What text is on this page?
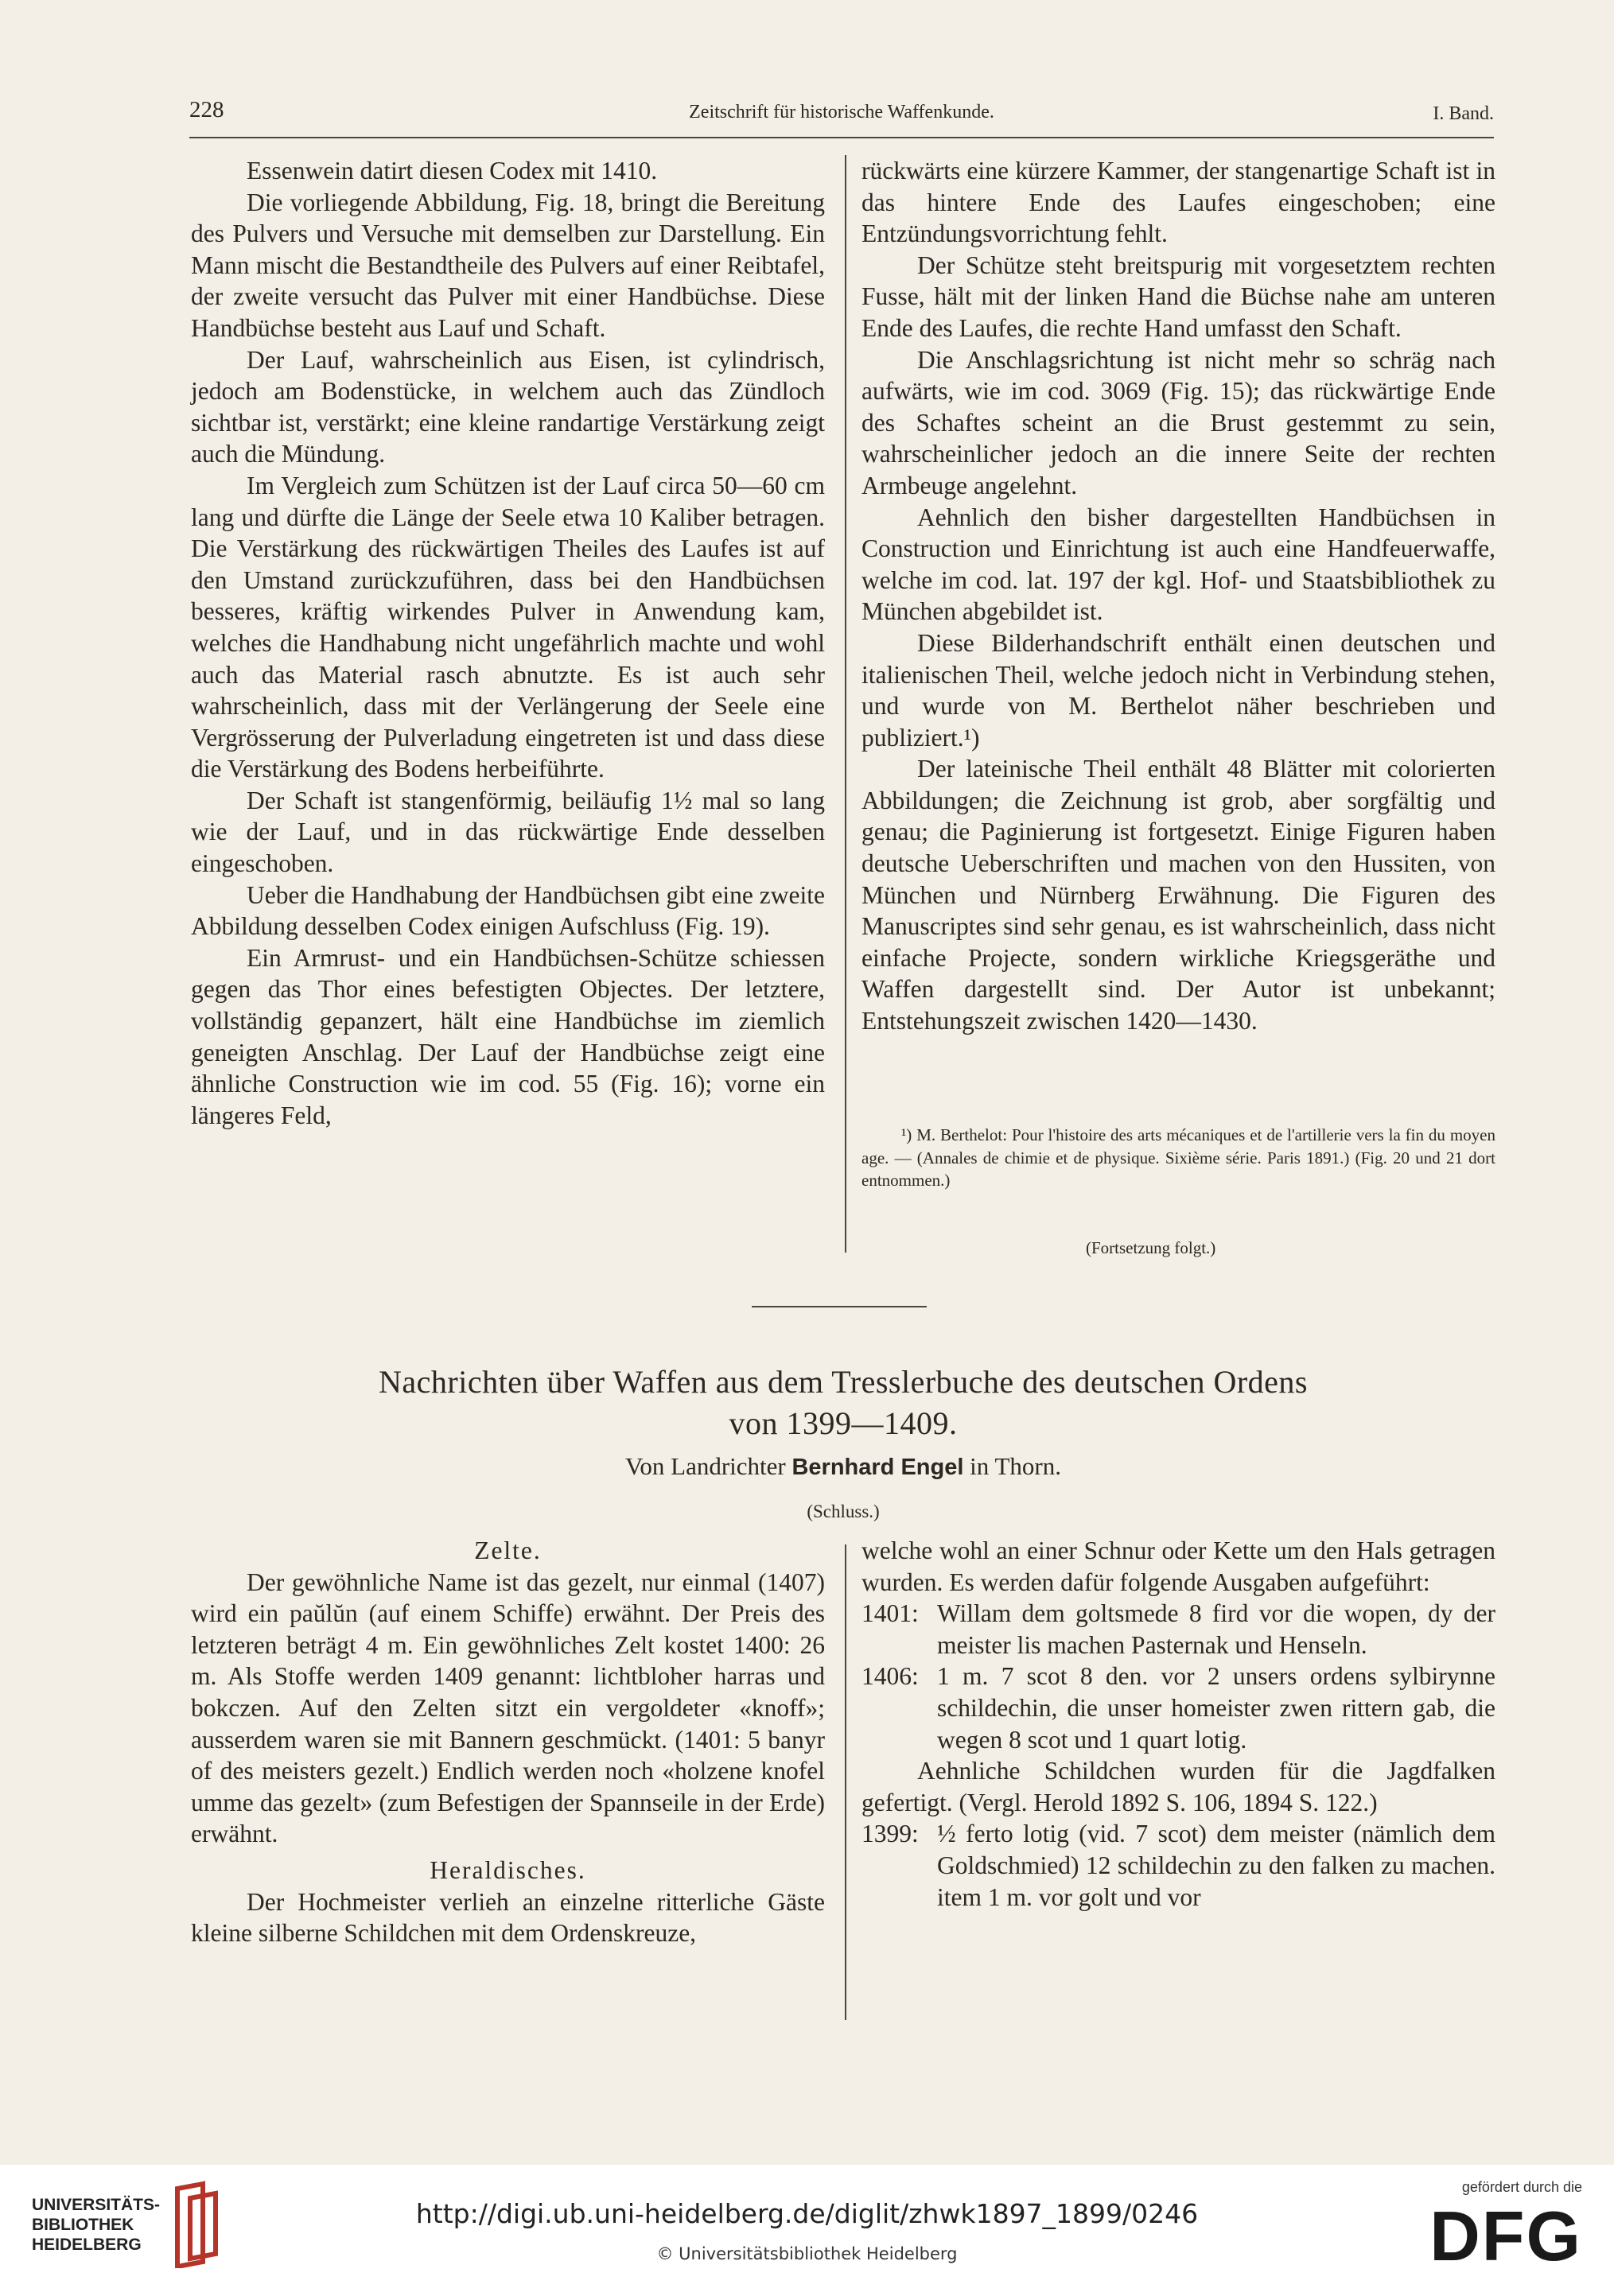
228	Zeitschrift für historische Waffenkunde.	I. Band.

Essenwein datirt diesen Codex mit 1410.

Die vorliegende Abbildung, Fig. 18, bringt die Bereitung des Pulvers und Versuche mit demselben zur Darstellung. Ein Mann mischt die Bestandtheile des Pulvers auf einer Reibtafel, der zweite versucht das Pulver mit einer Handbüchse. Diese Handbüchse besteht aus Lauf und Schaft.

Der Lauf, wahrscheinlich aus Eisen, ist cylindrisch, jedoch am Bodenstücke, in welchem auch das Zündloch sichtbar ist, verstärkt; eine kleine randartige Verstärkung zeigt auch die Mündung.

Im Vergleich zum Schützen ist der Lauf circa 50—60 cm lang und dürfte die Länge der Seele etwa 10 Kaliber betragen. Die Verstärkung des rückwärtigen Theiles des Laufes ist auf den Umstand zurückzuführen, dass bei den Handbüchsen besseres, kräftig wirkendes Pulver in Anwendung kam, welches die Handhabung nicht ungefährlich machte und wohl auch das Material rasch abnutzte. Es ist auch sehr wahrscheinlich, dass mit der Verlängerung der Seele eine Vergrösserung der Pulverladung eingetreten ist und dass diese die Verstärkung des Bodens herbeiführte.

Der Schaft ist stangenförmig, beiläufig 1½ mal so lang wie der Lauf, und in das rückwärtige Ende desselben eingeschoben.

Ueber die Handhabung der Handbüchsen gibt eine zweite Abbildung desselben Codex einigen Aufschluss (Fig. 19).

Ein Armrust- und ein Handbüchsen-Schütze schiessen gegen das Thor eines befestigten Objectes. Der letztere, vollständig gepanzert, hält eine Handbüchse im ziemlich geneigten Anschlag. Der Lauf der Handbüchse zeigt eine ähnliche Construction wie im cod. 55 (Fig. 16); vorne ein längeres Feld,

rückwärts eine kürzere Kammer, der stangenartige Schaft ist in das hintere Ende des Laufes eingeschoben; eine Entzündungsvorrichtung fehlt.

Der Schütze steht breitspurig mit vorgesetztem rechten Fusse, hält mit der linken Hand die Büchse nahe am unteren Ende des Laufes, die rechte Hand umfasst den Schaft.

Die Anschlagsrichtung ist nicht mehr so schräg nach aufwärts, wie im cod. 3069 (Fig. 15); das rückwärtige Ende des Schaftes scheint an die Brust gestemmt zu sein, wahrscheinlicher jedoch an die innere Seite der rechten Armbeuge angelehnt.

Aehnlich den bisher dargestellten Handbüchsen in Construction und Einrichtung ist auch eine Handfeuerwaffe, welche im cod. lat. 197 der kgl. Hof- und Staatsbibliothek zu München abgebildet ist.

Diese Bilderhandschrift enthält einen deutschen und italienischen Theil, welche jedoch nicht in Verbindung stehen, und wurde von M. Berthelot näher beschrieben und publiziert.¹)

Der lateinische Theil enthält 48 Blätter mit colorierten Abbildungen; die Zeichnung ist grob, aber sorgfältig und genau; die Paginierung ist fortgesetzt. Einige Figuren haben deutsche Ueberschriften und machen von den Hussiten, von München und Nürnberg Erwähnung. Die Figuren des Manuscriptes sind sehr genau, es ist wahrscheinlich, dass nicht einfache Projecte, sondern wirkliche Kriegsgeräthe und Waffen dargestellt sind. Der Autor ist unbekannt; Entstehungszeit zwischen 1420—1430.

¹) M. Berthelot: Pour l'histoire des arts mécaniques et de l'artillerie vers la fin du moyen age. — (Annales de chimie et de physique. Sixième série. Paris 1891.) (Fig. 20 und 21 dort entnommen.)
(Fortsetzung folgt.)
Nachrichten über Waffen aus dem Tresslerbuche des deutschen Ordens
von 1399—1409.
Von Landrichter Bernhard Engel in Thorn.
(Schluss.)
Zelte.

Der gewöhnliche Name ist das gezelt, nur einmal (1407) wird ein paŭlŭn (auf einem Schiffe) erwähnt. Der Preis des letzteren beträgt 4 m. Ein gewöhnliches Zelt kostet 1400: 26 m. Als Stoffe werden 1409 genannt: lichtbloher harras und bokczen. Auf den Zelten sitzt ein vergoldeter «knoff»; ausserdem waren sie mit Bannern geschmückt. (1401: 5 banyr of des meisters gezelt.) Endlich werden noch «holzene knofel umme das gezelt» (zum Befestigen der Spannseile in der Erde) erwähnt.

Heraldisches.

Der Hochmeister verlieh an einzelne ritterliche Gäste kleine silberne Schildchen mit dem Ordenskreuze,

welche wohl an einer Schnur oder Kette um den Hals getragen wurden. Es werden dafür folgende Ausgaben aufgeführt:

1401: Willam dem goltsmede 8 fird vor die wopen, dy der meister lis machen Pasternak und Henseln.
1406: 1 m. 7 scot 8 den. vor 2 unsers ordens sylbirynne schildechin, die unser homeister zwen rittern gab, die wegen 8 scot und 1 quart lotig.

Aehnliche Schildchen wurden für die Jagdfalken gefertigt. (Vergl. Herold 1892 S. 106, 1894 S. 122.)

1399: ½ ferto lotig (vid. 7 scot) dem meister (nämlich dem Goldschmied) 12 schildechin zu den falken zu machen. item 1 m. vor golt und vor
UNIVERSITÄTS-
BIBLIOTHEK
HEIDELBERG
http://digi.ub.uni-heidelberg.de/diglit/zhwk1897_1899/0246
© Universitätsbibliothek Heidelberg
gefördert durch die
DFG
